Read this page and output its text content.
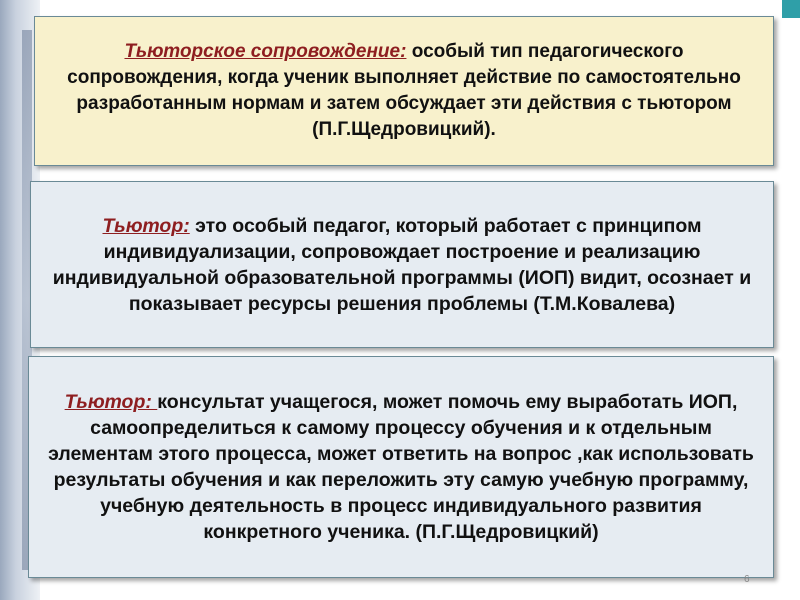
Тьюторское сопровождение: особый тип педагогического сопровождения, когда ученик выполняет действие по самостоятельно разработанным нормам и затем обсуждает эти действия с тьютором (П.Г.Щедровицкий).
Тьютор: это особый педагог, который работает с принципом индивидуализации, сопровождает построение и реализацию индивидуальной образовательной программы (ИОП) видит, осознает и показывает ресурсы решения проблемы (Т.М.Ковалева)
Тьютор: консультат учащегося, может помочь ему выработать ИОП, самоопределиться к самому процессу обучения и к отдельным элементам этого процесса, может ответить на вопрос ,как использовать результаты обучения и как переложить эту самую учебную программу, учебную деятельность в процесс индивидуального развития конкретного ученика. (П.Г.Щедровицкий)
6
